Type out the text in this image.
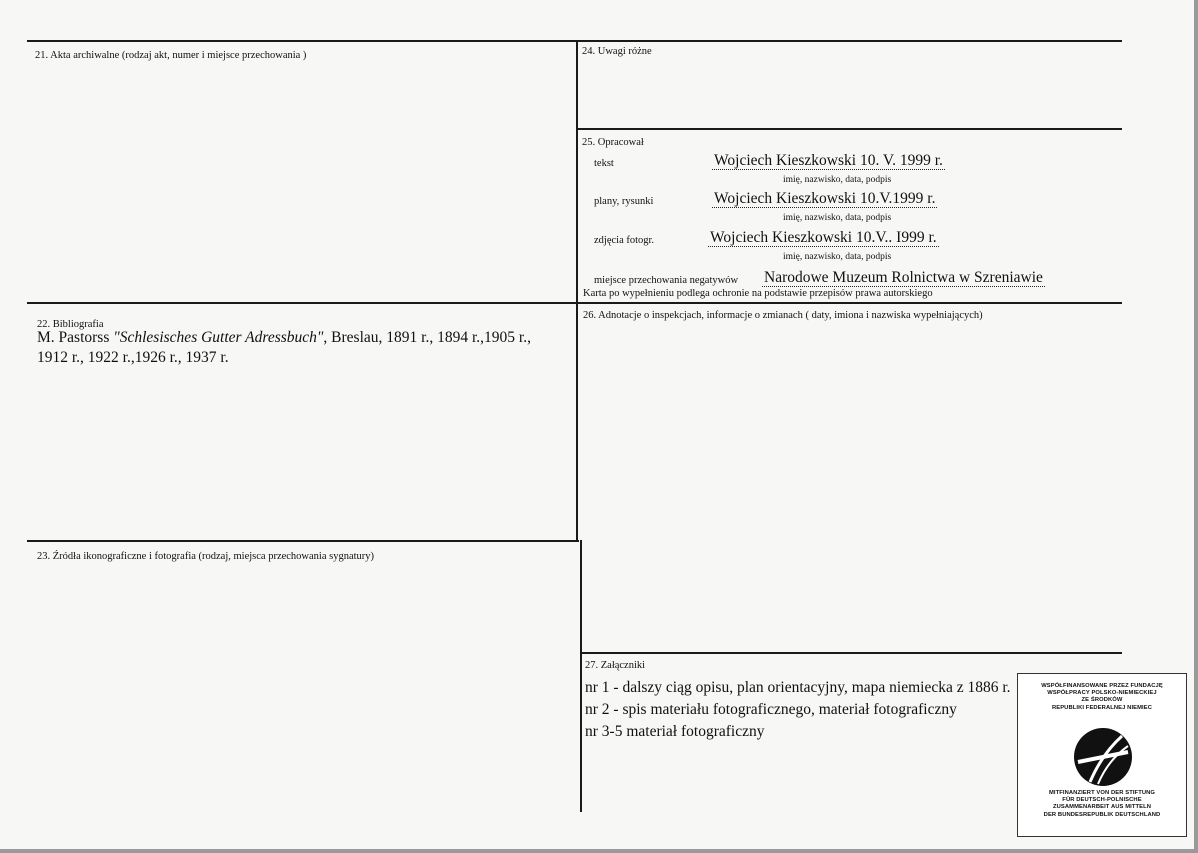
21. Akta archiwalne (rodzaj akt, numer i miejsce przechowania )	24. Uwagi różne
25. Opracował
tekst	Wojciech Kieszkowski 10. V. 1999 r.
imię, nazwisko, data, podpis
plany, rysunki	Wojciech Kieszkowski 10.V.1999 r.
imię, nazwisko, data, podpis
zdjęcia fotogr.	Wojciech Kieszkowski 10.V.. I999 r.
imię, nazwisko, data, podpis
miejsce przechowania negatywów Narodowe Muzeum Rolnictwa w Szreniawie
Karta po wypełnieniu podlega ochronie na podstawie przepisów prawa autorskiego
22. Bibliografia
M. Pastorss "Schlesisches Gutter Adressbuch", Breslau, 1891 r., 1894 r.,1905 r.,
1912 r., 1922 r.,1926 r., 1937 r.
26. Adnotacje o inspekcjach, informacje o zmianach ( daty, imiona i nazwiska wypełniających)
23. Źródła ikonograficzne i fotografia (rodzaj, miejsca przechowania sygnatury)
27. Załączniki
nr 1 - dalszy ciąg opisu, plan orientacyjny, mapa niemiecka z 1886 r.
nr 2 - spis materiału fotograficznego, materiał fotograficzny
nr 3-5 materiał fotograficzny
WSPÓŁFINANSOWANE PRZEZ FUNDACJĘ
WSPÓŁPRACY POLSKO-NIEMIECKIEJ
ZE ŚRODKÓW
REPUBLIKI FEDERALNEJ NIEMIEC
MITFINANZIERT VON DER STIFTUNG
FÜR DEUTSCH-POLNISCHE
ZUSAMMENARBEIT AUS MITTELN
DER BUNDESREPUBLIK DEUTSCHLAND
